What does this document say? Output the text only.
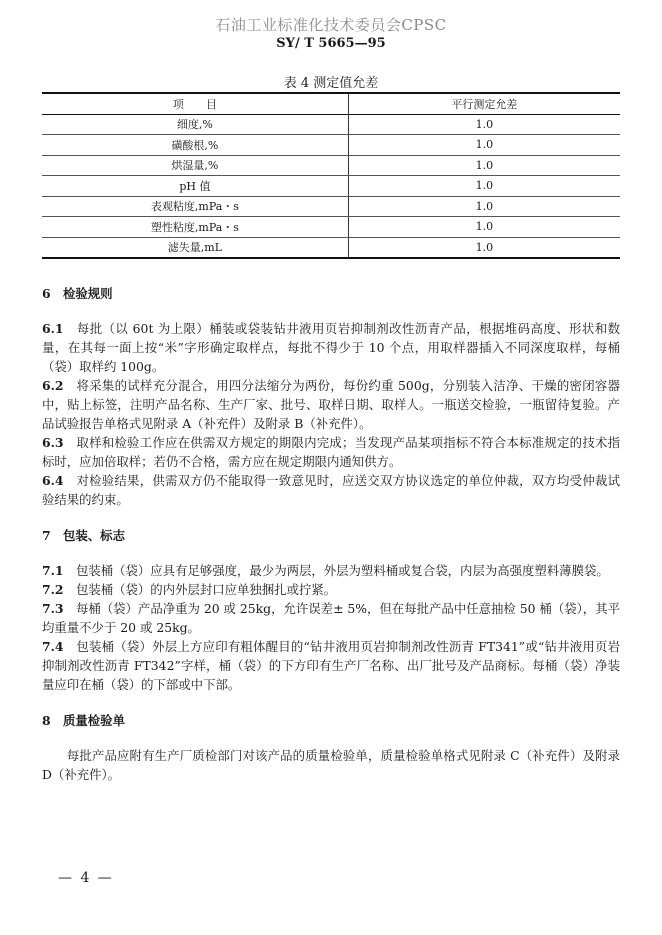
石油工业标准化技术委员会CPSC
SY/ T 5665—95
表 4 测定值允差
项　　目	平行测定允差
细度,%	1.0
磺酸根,%	1.0
烘湿量,%	1.0
pH 值	1.0
表观粘度,mPa・s	1.0
塑性粘度,mPa・s	1.0
滤失量,mL	1.0

6　检验规则

6.1　每批（以 60t 为上限）桶装或袋装钻井液用页岩抑制剂改性沥青产品，根据堆码高度、形状和数量，在其每一面上按“米”字形确定取样点，每批不得少于 10 个点，用取样器插入不同深度取样，每桶（袋）取样约 100g。

6.2　将采集的试样充分混合，用四分法缩分为两份，每份约重 500g，分别装入洁净、干燥的密闭容器中，贴上标签，注明产品名称、生产厂家、批号、取样日期、取样人。一瓶送交检验，一瓶留待复验。产品试验报告单格式见附录 A（补充件）及附录 B（补充件）。

6.3　取样和检验工作应在供需双方规定的期限内完成；当发现产品某项指标不符合本标准规定的技术指标时，应加倍取样；若仍不合格，需方应在规定期限内通知供方。

6.4　对检验结果，供需双方仍不能取得一致意见时，应送交双方协议选定的单位仲裁，双方均受仲裁试验结果的约束。

7　包装、标志

7.1　包装桶（袋）应具有足够强度，最少为两层，外层为塑料桶或复合袋，内层为高强度塑料薄膜袋。

7.2　包装桶（袋）的内外层封口应单独捆扎或拧紧。

7.3　每桶（袋）产品净重为 20 或 25kg，允许误差± 5%，但在每批产品中任意抽检 50 桶（袋），其平均重量不少于 20 或 25kg。

7.4　包装桶（袋）外层上方应印有粗体醒目的“钻井液用页岩抑制剂改性沥青 FT341”或“钻井液用页岩抑制剂改性沥青 FT342”字样，桶（袋）的下方印有生产厂名称、出厂批号及产品商标。每桶（袋）净装量应印在桶（袋）的下部或中下部。

8　质量检验单

每批产品应附有生产厂质检部门对该产品的质量检验单，质量检验单格式见附录 C（补充件）及附录 D（补充件）。

— 4 —
